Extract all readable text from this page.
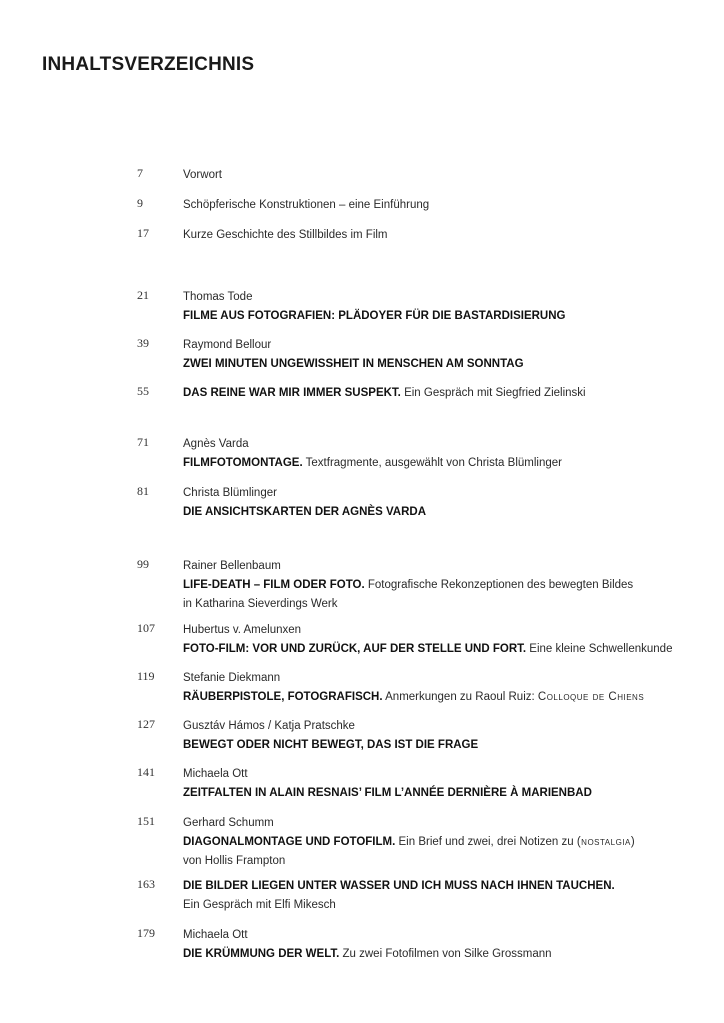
INHALTSVERZEICHNIS
7	Vorwort
9	Schöpferische Konstruktionen – eine Einführung
17	Kurze Geschichte des Stillbildes im Film
21	Thomas Tode
FILME AUS FOTOGRAFIEN: PLÄDOYER FÜR DIE BASTARDISIERUNG
39	Raymond Bellour
ZWEI MINUTEN UNGEWISSHEIT IN MENSCHEN AM SONNTAG
55	DAS REINE WAR MIR IMMER SUSPEKT. Ein Gespräch mit Siegfried Zielinski
71	Agnès Varda
FILMFOTOMONTAGE. Textfragmente, ausgewählt von Christa Blümlinger
81	Christa Blümlinger
DIE ANSICHTSKARTEN DER AGNÈS VARDA
99	Rainer Bellenbaum
LIFE-DEATH – FILM ODER FOTO. Fotografische Rekonzeptionen des bewegten Bildes
in Katharina Sieverdings Werk
107	Hubertus v. Amelunxen
FOTO-FILM: VOR UND ZURÜCK, AUF DER STELLE UND FORT. Eine kleine Schwellenkunde
119	Stefanie Diekmann
RÄUBERPISTOLE, FOTOGRAFISCH. Anmerkungen zu Raoul Ruiz: Colloque de Chiens
127	Gusztáv Hámos / Katja Pratschke
BEWEGT ODER NICHT BEWEGT, DAS IST DIE FRAGE
141	Michaela Ott
ZEITFALTEN IN ALAIN RESNAIS’ FILM L’ANNÉE DERNIÈRE À MARIENBAD
151	Gerhard Schumm
DIAGONALMONTAGE UND FOTOFILM. Ein Brief und zwei, drei Notizen zu (nostalgia)
von Hollis Frampton
163	DIE BILDER LIEGEN UNTER WASSER UND ICH MUSS NACH IHNEN TAUCHEN.
Ein Gespräch mit Elfi Mikesch
179	Michaela Ott
DIE KRÜMMUNG DER WELT. Zu zwei Fotofilmen von Silke Grossmann
